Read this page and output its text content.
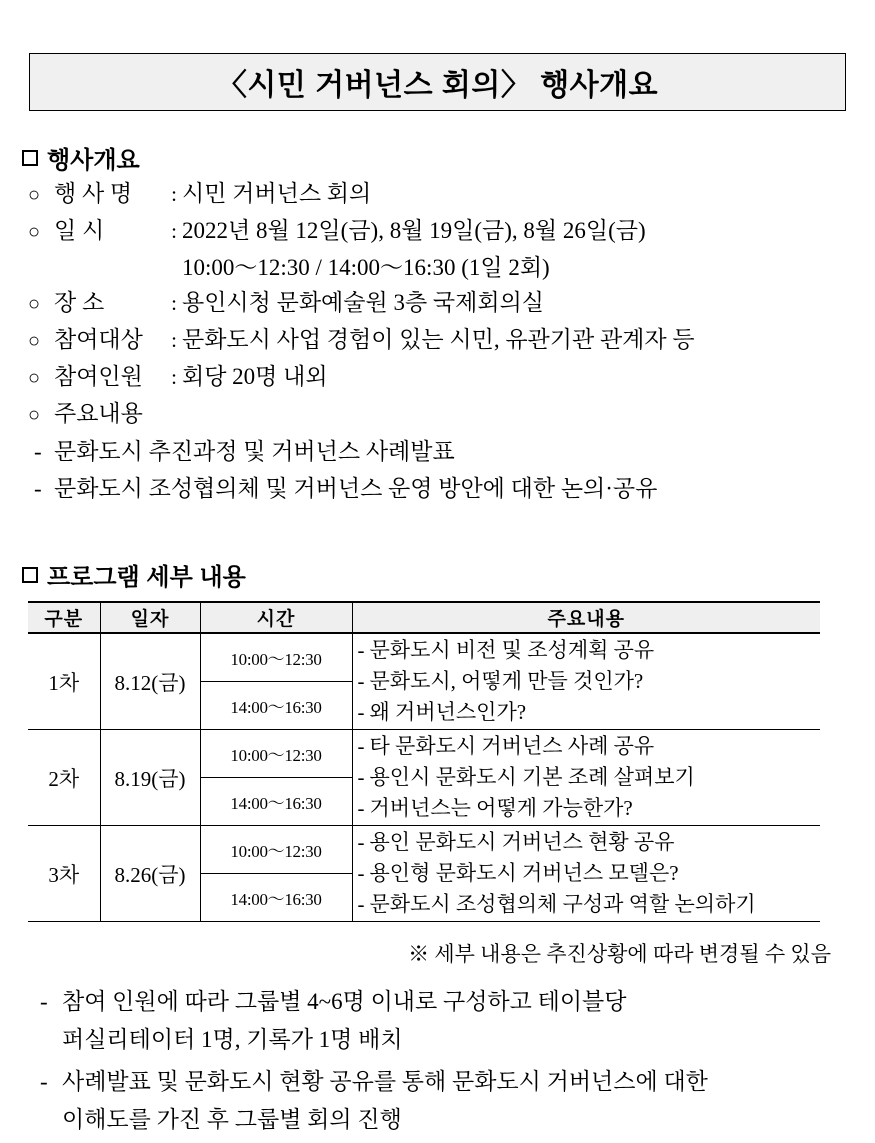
〈시민 거버넌스 회의〉 행사개요
행사개요
○ 행 사 명	: 시민 거버넌스 회의
○ 일 시	: 2022년 8월 12일(금), 8월 19일(금), 8월 26일(금)
10:00〜12:30 / 14:00〜16:30 (1일 2회)
○ 장 소	: 용인시청 문화예술원 3층 국제회의실
○ 참여대상	: 문화도시 사업 경험이 있는 시민, 유관기관 관계자 등
○ 참여인원	: 회당 20명 내외
○ 주요내용
- 문화도시 추진과정 및 거버넌스 사례발표
- 문화도시 조성협의체 및 거버넌스 운영 방안에 대한 논의·공유
프로그램 세부 내용
구분	일자	시간	주요내용
1차	8.12(금)	10:00〜12:30	- 문화도시 비전 및 조성계획 공유
- 문화도시, 어떻게 만들 것인가?
- 왜 거버넌스인가?

		14:00〜16:30	
2차	8.19(금)	10:00〜12:30	- 타 문화도시 거버넌스 사례 공유
- 용인시 문화도시 기본 조례 살펴보기
- 거버넌스는 어떻게 가능한가?

		14:00〜16:30	
3차	8.26(금)	10:00〜12:30	- 용인 문화도시 거버넌스 현황 공유
- 용인형 문화도시 거버넌스 모델은?
- 문화도시 조성협의체 구성과 역할 논의하기

		14:00〜16:30	
※ 세부 내용은 추진상황에 따라 변경될 수 있음
- 참여 인원에 따라 그룹별 4~6명 이내로 구성하고 테이블당
퍼실리테이터 1명, 기록가 1명 배치
- 사례발표 및 문화도시 현황 공유를 통해 문화도시 거버넌스에 대한
이해도를 가진 후 그룹별 회의 진행
